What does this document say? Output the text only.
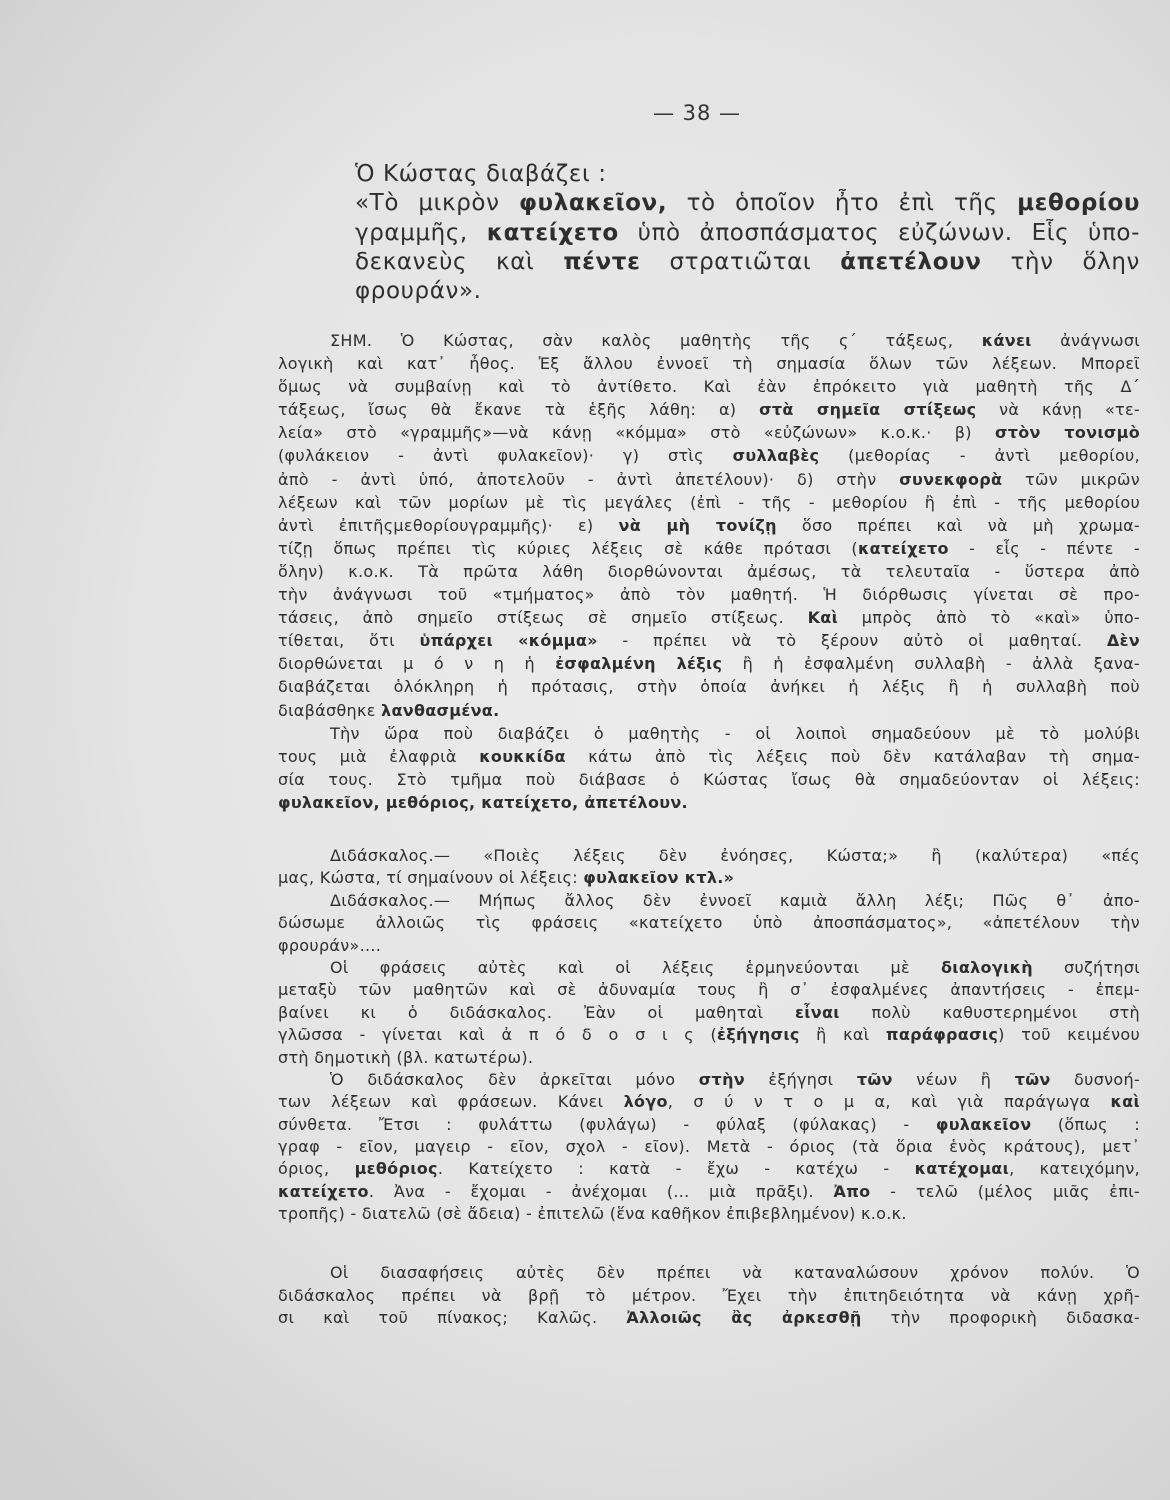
— 38 —
Ὁ Κώστας διαβάζει :
«Τὸ μικρὸν φυλακεῖον, τὸ ὁποῖον ἦτο ἐπὶ τῆς μεθορίου
γραμμῆς, κατείχετο ὑπὸ ἀποσπάσματος εὐζώνων. Εἷς ὑπο-
δεκανεὺς καὶ πέντε στρατιῶται ἀπετέλουν τὴν ὅλην
φρουράν».
ΣΗΜ. Ὁ Κώστας, σὰν καλὸς μαθητὴς τῆς ς΄ τάξεως, κάνει ἀνάγνωσι
λογικὴ καὶ κατ᾽ ἦθος. Ἐξ ἄλλου ἐννοεῖ τὴ σημασία ὅλων τῶν λέξεων. Μπορεῖ
ὅμως νὰ συμβαίνῃ καὶ τὸ ἀντίθετο. Καὶ ἐὰν ἐπρόκειτο γιὰ μαθητὴ τῆς Δ΄
τάξεως, ἴσως θὰ ἔκανε τὰ ἑξῆς λάθη: α) στὰ σημεῖα στίξεως νὰ κάνῃ «τε-
λεία» στὸ «γραμμῆς»—νὰ κάνῃ «κόμμα» στὸ «εὐζώνων» κ.ο.κ.· β) στὸν τονισμὸ
(φυλάκειον - ἀντὶ φυλακεῖον)· γ) στὶς συλλαβὲς (μεθορίας - ἀντὶ μεθορίου,
ἀπὸ - ἀντὶ ὑπό, ἀποτελοῦν - ἀντὶ ἀπετέλουν)· δ) στὴν συνεκφορὰ τῶν μικρῶν
λέξεων καὶ τῶν μορίων μὲ τὶς μεγάλες (ἐπὶ - τῆς - μεθορίου ἢ ἐπὶ - τῆς μεθορίου
ἀντὶ ἐπιτῆςμεθορίουγραμμῆς)· ε) νὰ μὴ τονίζῃ ὅσο πρέπει καὶ νὰ μὴ χρωμα-
τίζῃ ὅπως πρέπει τὶς κύριες λέξεις σὲ κάθε πρότασι (κατείχετο - εἷς - πέντε -
ὅλην) κ.ο.κ. Τὰ πρῶτα λάθη διορθώνονται ἀμέσως, τὰ τελευταῖα - ὕστερα ἀπὸ
τὴν ἀνάγνωσι τοῦ «τμήματος» ἀπὸ τὸν μαθητή. Ἡ διόρθωσις γίνεται σὲ προ-
τάσεις, ἀπὸ σημεῖο στίξεως σὲ σημεῖο στίξεως. Καὶ μπρὸς ἀπὸ τὸ «καὶ» ὑπο-
τίθεται, ὅτι ὑπάρχει «κόμμα» - πρέπει νὰ τὸ ξέρουν αὐτὸ οἱ μαθηταί. Δὲν
διορθώνεται μ ό ν η ἡ ἐσφαλμένη λέξις ἢ ἡ ἐσφαλμένη συλλαβὴ - ἀλλὰ ξανα-
διαβάζεται ὁλόκληρη ἡ πρότασις, στὴν ὁποία ἀνήκει ἡ λέξις ἢ ἡ συλλαβὴ ποὺ
διαβάσθηκε λανθασμένα.
Τὴν ὥρα ποὺ διαβάζει ὁ μαθητὴς - οἱ λοιποὶ σημαδεύουν μὲ τὸ μολύβι
τους μιὰ ἐλαφριὰ κουκκίδα κάτω ἀπὸ τὶς λέξεις ποὺ δὲν κατάλαβαν τὴ σημα-
σία τους. Στὸ τμῆμα ποὺ διάβασε ὁ Κώστας ἴσως θὰ σημαδεύονταν οἱ λέξεις:
φυλακεῖον, μεθόριος, κατείχετο, ἀπετέλουν.
Διδάσκαλος.— «Ποιὲς λέξεις δὲν ἐνόησες, Κώστα;» ἢ (καλύτερα) «πές
μας, Κώστα, τί σημαίνουν οἱ λέξεις: φυλακεῖον κτλ.»
Διδάσκαλος.— Μήπως ἄλλος δὲν ἐννοεῖ καμιὰ ἄλλη λέξι; Πῶς θ᾽ ἀπο-
δώσωμε ἀλλοιῶς τὶς φράσεις «κατείχετο ὑπὸ ἀποσπάσματος», «ἀπετέλουν τὴν
φρουράν»....
Οἱ φράσεις αὐτὲς καὶ οἱ λέξεις ἑρμηνεύονται μὲ διαλογικὴ συζήτησι
μεταξὺ τῶν μαθητῶν καὶ σὲ ἀδυναμία τους ἢ σ᾽ ἐσφαλμένες ἀπαντήσεις - ἐπεμ-
βαίνει κι ὁ διδάσκαλος. Ἐὰν οἱ μαθηταὶ εἶναι πολὺ καθυστερημένοι στὴ
γλῶσσα - γίνεται καὶ ἀ π ό δ ο σ ι ς (ἐξήγησις ἢ καὶ παράφρασις) τοῦ κειμένου
στὴ δημοτικὴ (βλ. κατωτέρω).
Ὁ διδάσκαλος δὲν ἀρκεῖται μόνο στὴν ἐξήγησι τῶν νέων ἢ τῶν δυσνοή-
των λέξεων καὶ φράσεων. Κάνει λόγο, σ ύ ν τ ο μ α, καὶ γιὰ παράγωγα καὶ
σύνθετα. Ἔτσι : φυλάττω (φυλάγω) - φύλαξ (φύλακας) - φυλακεῖον (ὅπως :
γραφ - εῖον, μαγειρ - εῖον, σχολ - εῖον). Μετὰ - όριος (τὰ ὅρια ἑνὸς κράτους), μετ᾽
όριος, μεθόριος. Κατείχετο : κατὰ - ἔχω - κατέχω - κατέχομαι, κατειχόμην,
κατείχετο. Ἀνα - ἔχομαι - ἀνέχομαι (... μιὰ πρᾶξι). Ἀπο - τελῶ (μέλος μιᾶς ἐπι-
τροπῆς) - διατελῶ (σὲ ἄδεια) - ἐπιτελῶ (ἕνα καθῆκον ἐπιβεβλημένον) κ.ο.κ.
Οἱ διασαφήσεις αὐτὲς δὲν πρέπει νὰ καταναλώσουν χρόνον πολύν. Ὁ
διδάσκαλος πρέπει νὰ βρῇ τὸ μέτρον. Ἔχει τὴν ἐπιτηδειότητα νὰ κάνῃ χρῆ-
σι καὶ τοῦ πίνακος; Καλῶς. Ἀλλοιῶς ἂς ἀρκεσθῇ τὴν προφορικὴ διδασκα-
